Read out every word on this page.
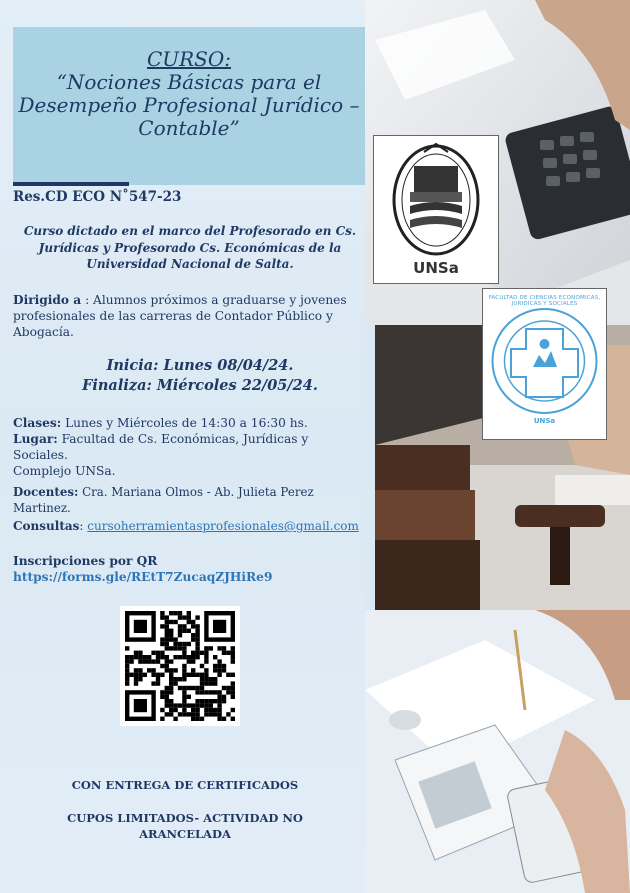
CURSO:
“Nociones Básicas para el
Desempeño Profesional Jurídico –
Contable”
Res.CD ECO N˚547-23
Curso dictado en el marco del Profesorado en Cs.
Jurídicas y Profesorado Cs. Económicas de la
Universidad Nacional de Salta.
Dirigido a : Alumnos próximos a graduarse y jovenes
profesionales de las carreras de Contador Público y
Abogacía.
Inicia: Lunes 08/04/24.
Finaliza: Miércoles 22/05/24.
Clases: Lunes y Miércoles de 14:30 a 16:30 hs.
Lugar: Facultad de Cs. Económicas, Jurídicas y Sociales.
Complejo UNSa.
Docentes: Cra. Mariana Olmos - Ab. Julieta Perez Martinez.
Consultas: cursoherramientasprofesionales@gmail.com
Inscripciones por QR
https://forms.gle/REtT7ZucaqZJHiRe9
CON ENTREGA DE CERTIFICADOS
CUPOS LIMITADOS- ACTIVIDAD NO
ARANCELADA
UNSa
FACULTAD DE CIENCIAS ECONOMICAS, JURIDICAS Y SOCIALES
UNSa
